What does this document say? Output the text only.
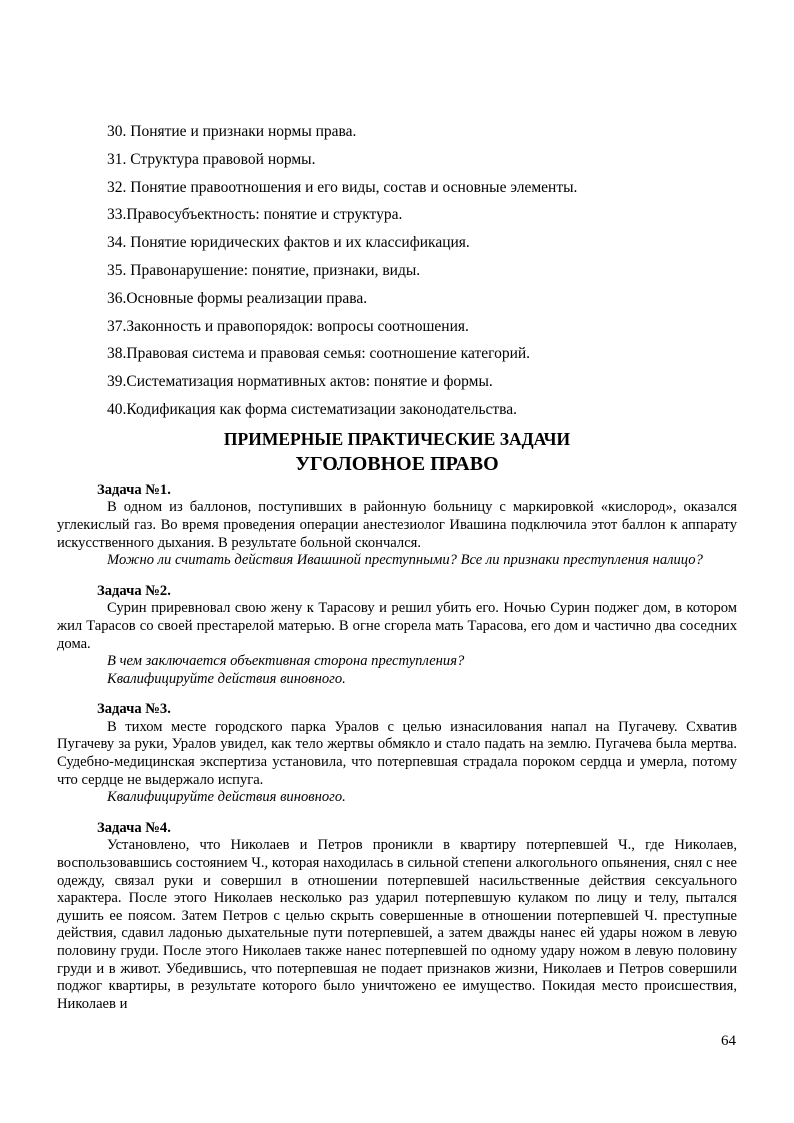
30. Понятие и признаки нормы права.
31. Структура правовой нормы.
32. Понятие правоотношения и его виды, состав и основные элементы.
33.Правосубъектность: понятие и структура.
34. Понятие юридических фактов и их классификация.
35. Правонарушение: понятие, признаки, виды.
36.Основные формы реализации права.
37.Законность и правопорядок: вопросы соотношения.
38.Правовая система и правовая семья: соотношение категорий.
39.Систематизация нормативных актов: понятие и формы.
40.Кодификация как форма систематизации законодательства.
ПРИМЕРНЫЕ ПРАКТИЧЕСКИЕ ЗАДАЧИ
УГОЛОВНОЕ ПРАВО
Задача №1.

В одном из баллонов, поступивших в районную больницу с маркировкой «кислород», оказался углекислый газ. Во время проведения операции анестезиолог Ивашина подключила этот баллон к аппарату искусственного дыхания. В результате больной скончался.

Можно ли считать действия Ивашиной преступными? Все ли признаки преступления налицо?

Задача №2.

Сурин приревновал свою жену к Тарасову и решил убить его. Ночью Сурин поджег дом, в котором жил Тарасов со своей престарелой матерью. В огне сгорела мать Тарасова, его дом и частично два соседних дома.

В чем заключается объективная сторона преступления?

Квалифицируйте действия виновного.

Задача №3.

В тихом месте городского парка Уралов с целью изнасилования напал на Пугачеву. Схватив Пугачеву за руки, Уралов увидел, как тело жертвы обмякло и стало падать на землю. Пугачева была мертва. Судебно-медицинская экспертиза установила, что потерпевшая страдала пороком сердца и умерла, потому что сердце не выдержало испуга.

Квалифицируйте действия виновного.

Задача №4.

Установлено, что Николаев и Петров проникли в квартиру потерпевшей Ч., где Николаев, воспользовавшись состоянием Ч., которая находилась в сильной степени алкогольного опьянения, снял с нее одежду, связал руки и совершил в отношении потерпевшей насильственные действия сексуального характера. После этого Николаев несколько раз ударил потерпевшую кулаком по лицу и телу, пытался душить ее поясом. Затем Петров с целью скрыть совершенные в отношении потерпевшей Ч. преступные действия, сдавил ладонью дыхательные пути потерпевшей, а затем дважды нанес ей удары ножом в левую половину груди. После этого Николаев также нанес потерпевшей по одному удару ножом в левую половину груди и в живот. Убедившись, что потерпевшая не подает признаков жизни, Николаев и Петров совершили поджог квартиры, в результате которого было уничтожено ее имущество. Покидая место происшествия, Николаев и

64
